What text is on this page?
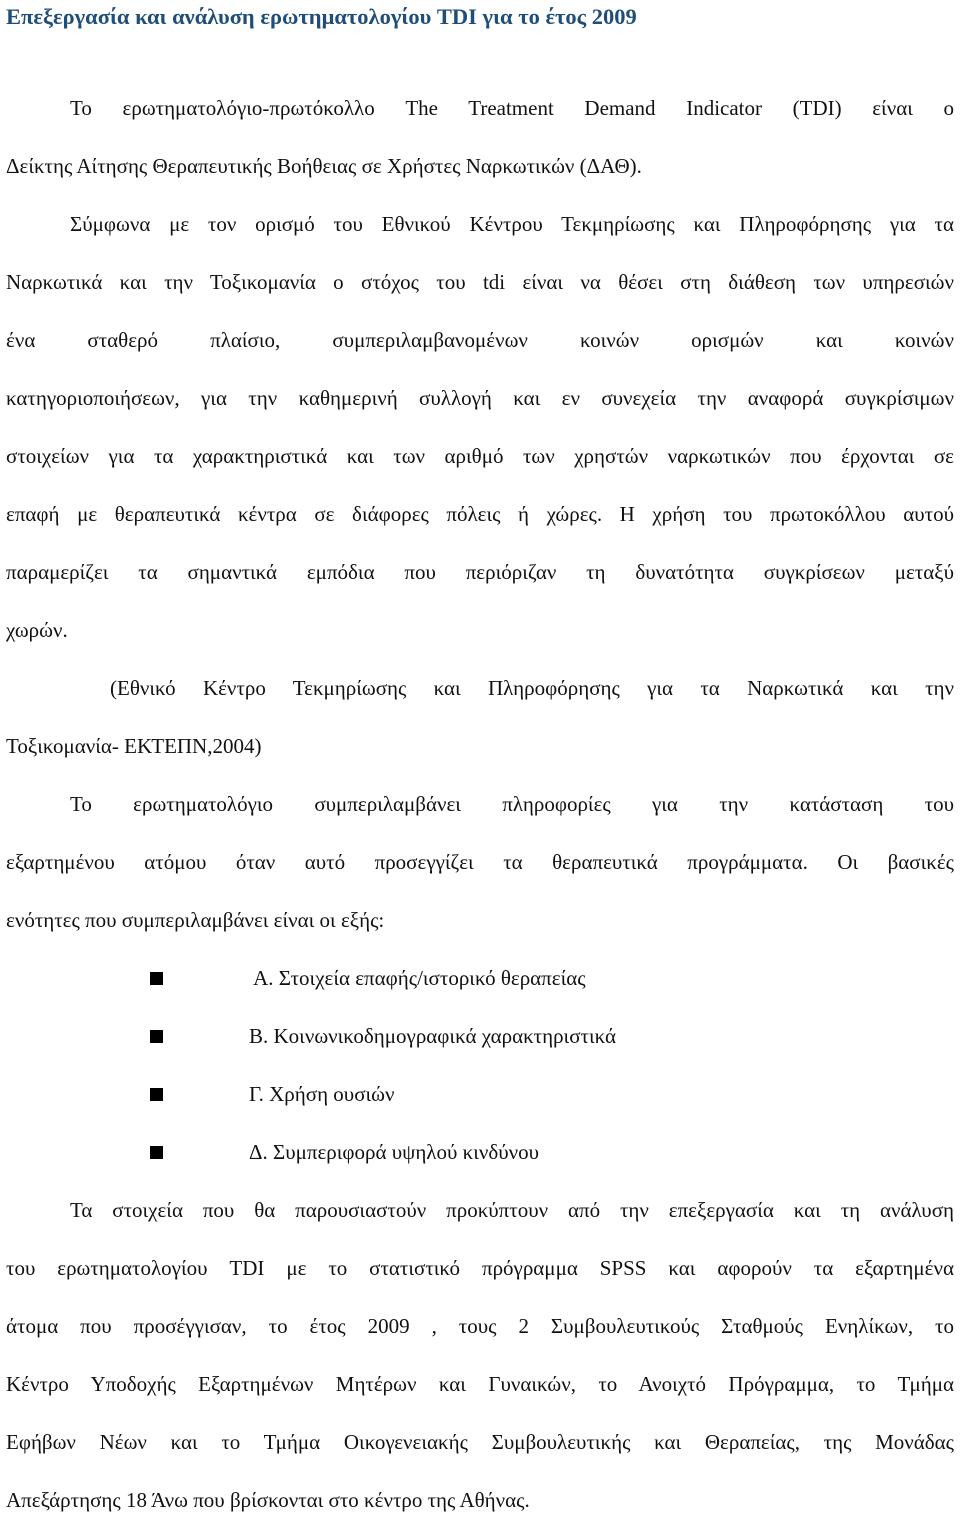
Επεξεργασία και ανάλυση ερωτηματολογίου TDI για το έτος 2009
Το ερωτηματολόγιο-πρωτόκολλο The Treatment Demand Indicator (TDI) είναι ο
Δείκτης Αίτησης Θεραπευτικής Βοήθειας σε Χρήστες Ναρκωτικών (ΔΑΘ).
Σύμφωνα με τον ορισμό του Εθνικού Κέντρου Τεκμηρίωσης και Πληροφόρησης για τα
Ναρκωτικά και την Τοξικομανία ο στόχος του tdi είναι να θέσει στη διάθεση των υπηρεσιών
ένα σταθερό πλαίσιο, συμπεριλαμβανομένων κοινών ορισμών και κοινών
κατηγοριοποιήσεων, για την καθημερινή συλλογή και εν συνεχεία την αναφορά συγκρίσιμων
στοιχείων για τα χαρακτηριστικά και των αριθμό των χρηστών ναρκωτικών που έρχονται σε
επαφή με θεραπευτικά κέντρα σε διάφορες πόλεις ή χώρες. Η χρήση του πρωτοκόλλου αυτού
παραμερίζει τα σημαντικά εμπόδια που περιόριζαν τη δυνατότητα συγκρίσεων μεταξύ
χωρών.
(Εθνικό Κέντρο Τεκμηρίωσης και Πληροφόρησης για τα Ναρκωτικά και την
Τοξικομανία- ΕΚΤΕΠΝ,2004)
Το ερωτηματολόγιο συμπεριλαμβάνει πληροφορίες για την κατάσταση του
εξαρτημένου ατόμου όταν αυτό προσεγγίζει τα θεραπευτικά προγράμματα. Οι βασικές
ενότητες που συμπεριλαμβάνει είναι οι εξής:
Α. Στοιχεία επαφής/ιστορικό θεραπείας
Β. Κοινωνικοδημογραφικά χαρακτηριστικά
Γ. Χρήση ουσιών
Δ. Συμπεριφορά υψηλού κινδύνου
Τα στοιχεία που θα παρουσιαστούν προκύπτουν από την επεξεργασία και τη ανάλυση
του ερωτηματολογίου TDI με το στατιστικό πρόγραμμα SPSS και αφορούν τα εξαρτημένα
άτομα που προσέγγισαν, το έτος 2009 , τους 2 Συμβουλευτικούς Σταθμούς Ενηλίκων, το
Κέντρο Υποδοχής Εξαρτημένων Μητέρων και Γυναικών, το Ανοιχτό Πρόγραμμα, το Τμήμα
Εφήβων Νέων και το Τμήμα Οικογενειακής Συμβουλευτικής και Θεραπείας, της Μονάδας
Απεξάρτησης 18 Άνω που βρίσκονται στο κέντρο της Αθήνας.
